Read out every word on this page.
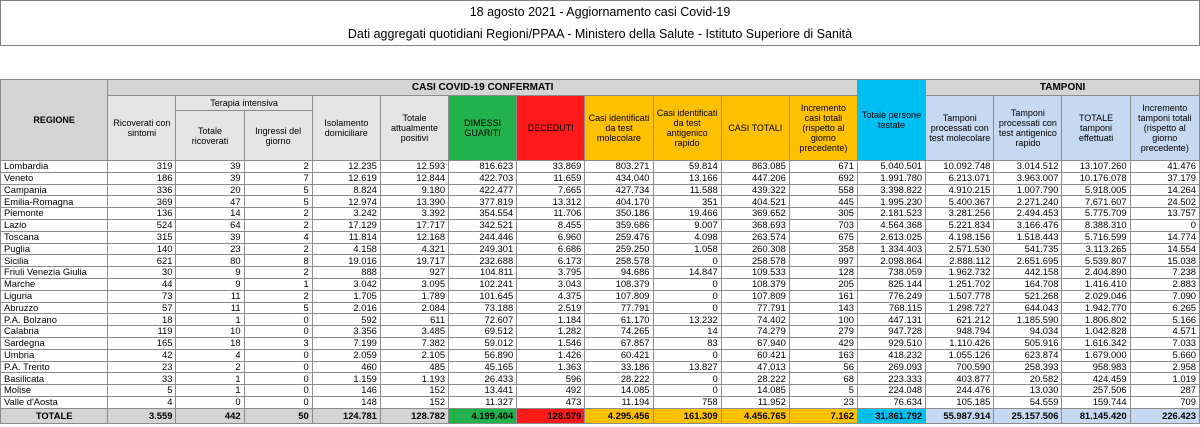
18 agosto 2021 - Aggiornamento casi Covid-19
Dati aggregati quotidiani Regioni/PPAA - Ministero della Salute - Istituto Superiore di Sanità
REGIONE	CASI COVID-19 CONFERMATI											Totale persone testate	TAMPONI			
	Ricoverati con sintomi	Terapia intensiva		Isolamento domiciliare	Totale attualmente positivi	DIMESSI GUARITI	DECEDUTI	Casi identificati da test molecolare	Casi identificati da test antigenico rapido	CASI TOTALI	Incremento casi totali (rispetto al giorno precedente)		Tamponi processati con test molecolare	Tamponi processati con test antigenico rapido	TOTALE tamponi effettuati	Incremento tamponi totali (rispetto al giorno precedente)
		Totale ricoverati	Ingressi del giorno													
Lombardia	319	39	2	12.235	12.593	816.623	33.869	803.271	59.814	863.085	671	5.040.501	10.092.748	3.014.512	13.107.260	41.476
Veneto	186	39	7	12.619	12.844	422.703	11.659	434.040	13.166	447.206	692	1.991.780	6.213.071	3.963.007	10.176.078	37.179
Campania	336	20	5	8.824	9.180	422.477	7.665	427.734	11.588	439.322	558	3.398.822	4.910.215	1.007.790	5.918.005	14.264
Emilia-Romagna	369	47	5	12.974	13.390	377.819	13.312	404.170	351	404.521	445	1.995.230	5.400.367	2.271.240	7.671.607	24.502
Piemonte	136	14	2	3.242	3.392	354.554	11.706	350.186	19.466	369.652	305	2.181.523	3.281.256	2.494.453	5.775.709	13.757
Lazio	524	64	2	17.129	17.717	342.521	8.455	359.686	9.007	368.693	703	4.564.368	5.221.834	3.166.476	8.388.310	0
Toscana	315	39	4	11.814	12.168	244.446	6.960	259.476	4.098	263.574	675	2.613.025	4.198.156	1.518.443	5.716.599	14.774
Puglia	140	23	2	4.158	4.321	249.301	6.686	259.250	1.058	260.308	358	1.334.403	2.571.530	541.735	3.113.265	14.554
Sicilia	621	80	8	19.016	19.717	232.688	6.173	258.578	0	258.578	997	2.098.864	2.888.112	2.651.695	5.539.807	15.038
Friuli Venezia Giulia	30	9	2	888	927	104.811	3.795	94.686	14.847	109.533	128	738.059	1.962.732	442.158	2.404.890	7.238
Marche	44	9	1	3.042	3.095	102.241	3.043	108.379	0	108.379	205	825.144	1.251.702	164.708	1.416.410	2.883
Liguria	73	11	2	1.705	1.789	101.645	4.375	107.809	0	107.809	161	776.249	1.507.778	521.268	2.029.046	7.090
Abruzzo	57	11	5	2.016	2.084	73.188	2.519	77.791	0	77.791	143	768.115	1.298.727	644.043	1.942.770	6.265
P.A. Bolzano	18	1	0	592	611	72.607	1.184	61.170	13.232	74.402	100	447.131	621.212	1.185.590	1.806.802	5.166
Calabria	119	10	0	3.356	3.485	69.512	1.282	74.265	14	74.279	279	947.728	948.794	94.034	1.042.828	4.571
Sardegna	165	18	3	7.199	7.382	59.012	1.546	67.857	83	67.940	429	929.510	1.110.426	505.916	1.616.342	7.033
Umbria	42	4	0	2.059	2.105	56.890	1.426	60.421	0	60.421	163	418.232	1.055.126	623.874	1.679.000	5.660
P.A. Trento	23	2	0	460	485	45.165	1.363	33.186	13.827	47.013	56	269.093	700.590	258.393	958.983	2.958
Basilicata	33	1	0	1.159	1.193	26.433	596	28.222	0	28.222	68	223.333	403.877	20.582	424.459	1.019
Molise	5	1	0	146	152	13.441	492	14.085	0	14.085	5	224.048	244.476	13.030	257.506	287
Valle d'Aosta	4	0	0	148	152	11.327	473	11.194	758	11.952	23	76.634	105.185	54.559	159.744	709
TOTALE	3.559	442	50	124.781	128.782	4.199.404	128.579	4.295.456	161.309	4.456.765	7.162	31.861.792	55.987.914	25.157.506	81.145.420	226.423
